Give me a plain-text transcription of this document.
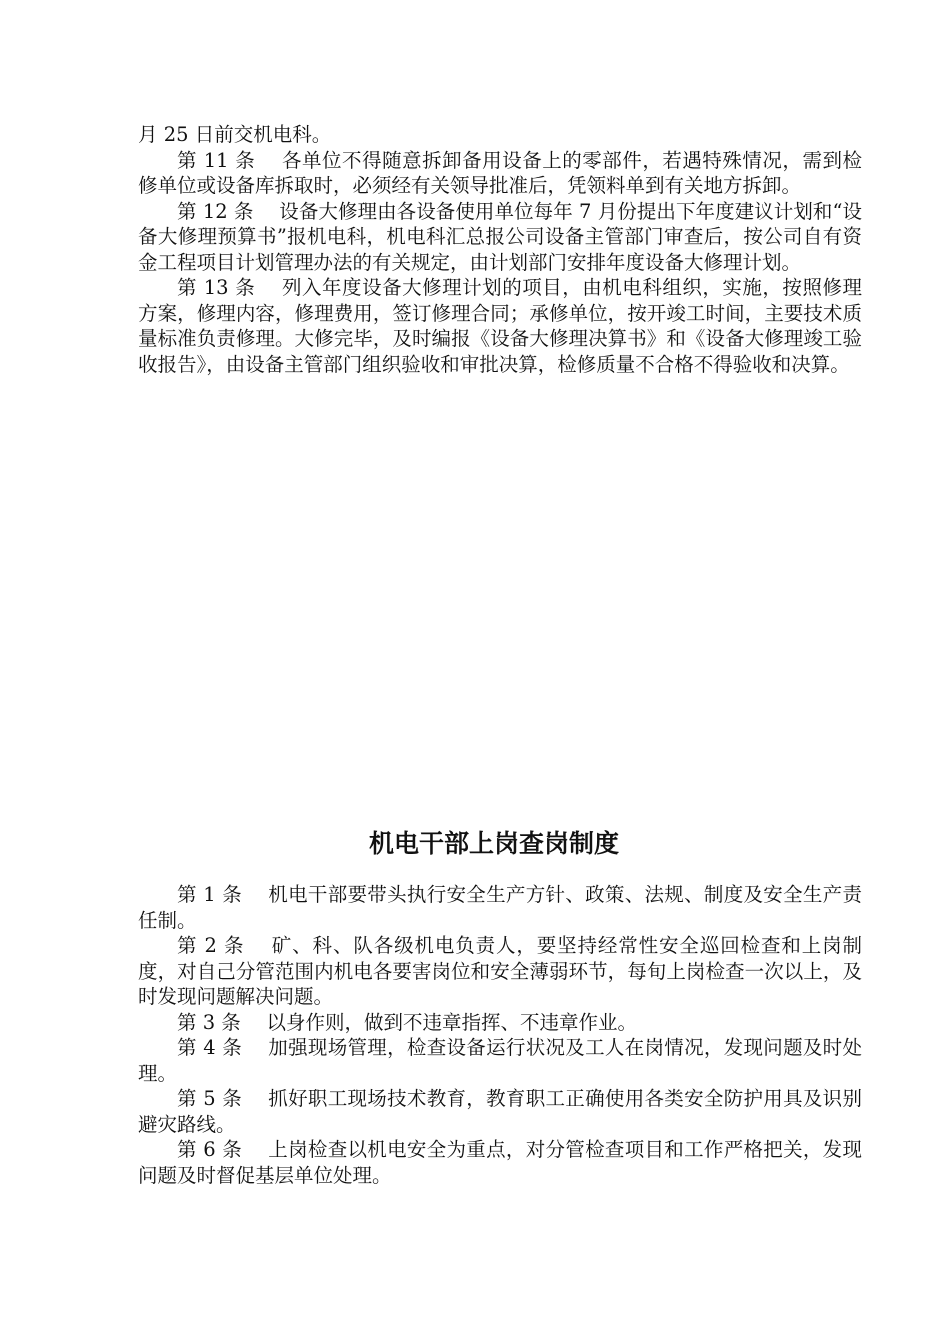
月 25 日前交机电科。

第 11 条 　各单位不得随意拆卸备用设备上的零部件，若遇特殊情况，需到检修单位或设备库拆取时，必须经有关领导批准后，凭领料单到有关地方拆卸。

第 12 条 　设备大修理由各设备使用单位每年 7 月份提出下年度建议计划和“设备大修理预算书”报机电科，机电科汇总报公司设备主管部门审查后，按公司自有资金工程项目计划管理办法的有关规定，由计划部门安排年度设备大修理计划。

第 13 条 　列入年度设备大修理计划的项目，由机电科组织，实施，按照修理方案，修理内容，修理费用，签订修理合同；承修单位，按开竣工时间，主要技术质量标准负责修理。大修完毕，及时编报《设备大修理决算书》和《设备大修理竣工验收报告》，由设备主管部门组织验收和审批决算，检修质量不合格不得验收和决算。

机电干部上岗查岗制度

第 1 条 　机电干部要带头执行安全生产方针、政策、法规、制度及安全生产责任制。

第 2 条 　矿、科、队各级机电负责人，要坚持经常性安全巡回检查和上岗制度，对自己分管范围内机电各要害岗位和安全薄弱环节，每旬上岗检查一次以上，及时发现问题解决问题。

第 3 条 　以身作则，做到不违章指挥、不违章作业。

第 4 条 　加强现场管理，检查设备运行状况及工人在岗情况，发现问题及时处理。

第 5 条 　抓好职工现场技术教育，教育职工正确使用各类安全防护用具及识别避灾路线。

第 6 条 　上岗检查以机电安全为重点，对分管检查项目和工作严格把关，发现问题及时督促基层单位处理。
